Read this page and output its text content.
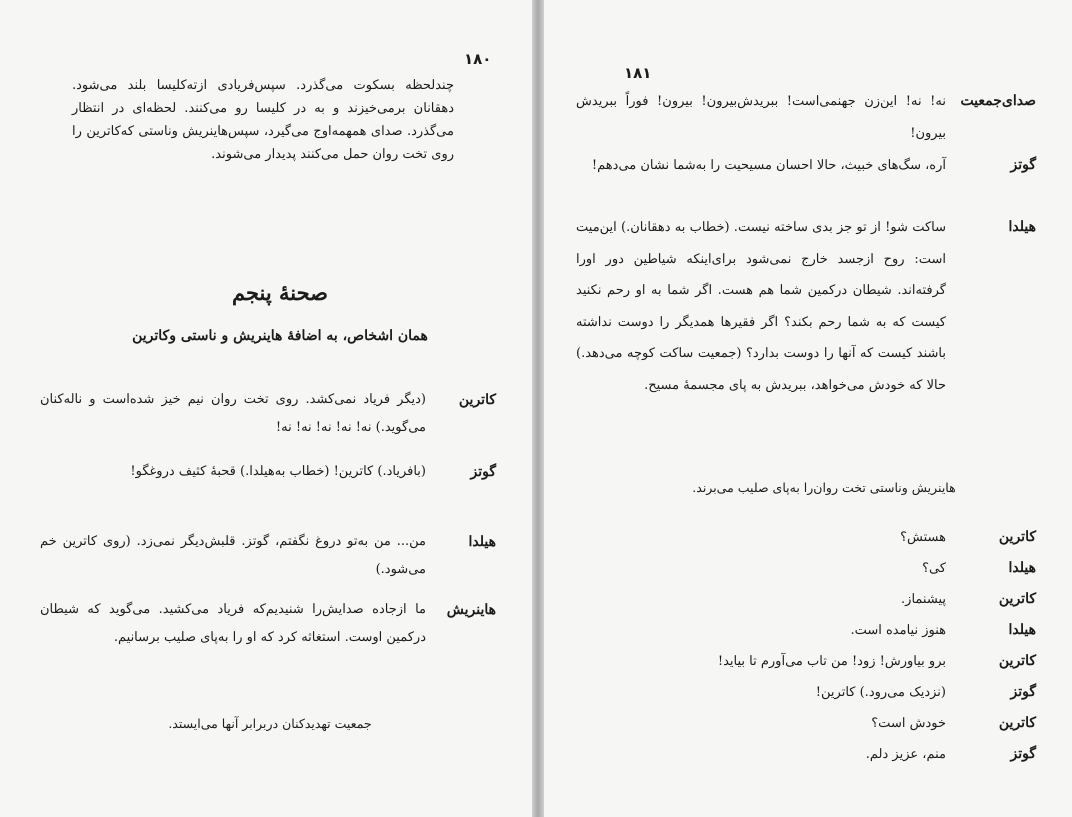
۱۸۰
چندلحظه بسکوت می‌گذرد. سپس‌فریادی ازته‌کلیسا بلند می‌شود. دهقانان برمی‌خیزند و به در کلیسا رو می‌کنند. لحظه‌ای در انتظار می‌گذرد. صدای همهمه‌اوج می‌گیرد، سپس‌هاینریش وناستی که‌کاترین را روی تخت روان حمل می‌کنند پدیدار می‌شوند.
صحنهٔ پنجم
همان اشخاص، به اضافهٔ هاینریش و ناستی وکاترین
کاترین
(دیگر فریاد نمی‌کشد. روی تخت روان نیم خیز شده‌است و ناله‌کنان می‌گوید.) نه! نه! نه! نه! نه!
گوتز
(بافریاد.) کاترین! (خطاب به‌هیلدا.) قحبهٔ کثیف دروغگو!
هیلدا
من... من به‌تو دروغ نگفتم، گوتز. قلبش‌دیگر نمی‌زد. (روی کاترین خم می‌شود.)
هاینریش
ما ازجاده صدایش‌را شنیدیم‌که فریاد می‌کشید. می‌گوید که شیطان درکمین اوست. استغاثه کرد که او را به‌پای صلیب برسانیم.
جمعیت تهدیدکنان دربرابر آنها می‌ایستد.
۱۸۱
صدای‌جمعیت
نه! نه! این‌زن جهنمی‌است! ببریدش‌بیرون! بیرون! فوراً ببریدش بیرون!
گوتز
آره، سگ‌های خبیث، حالا احسان مسیحیت را به‌شما نشان می‌دهم!
هیلدا
ساکت شو! از تو جز بدی ساخته نیست. (خطاب به دهقانان.) این‌میت است: روح ازجسد خارج نمی‌شود برای‌اینکه شیاطین دور اورا گرفته‌اند. شیطان درکمین شما هم هست. اگر شما به او رحم نکنید کیست که به شما رحم بکند؟ اگر فقیرها همدیگر را دوست نداشته باشند کیست که آنها را دوست بدارد؟ (جمعیت ساکت کوچه می‌دهد.) حالا که خودش می‌خواهد، ببریدش به پای مجسمهٔ مسیح.
هاینریش وناستی تخت روان‌را به‌پای صلیب می‌برند.
کاترین
هستش؟
هیلدا
کی؟
کاترین
پیشنماز.
هیلدا
هنوز نیامده است.
کاترین
برو بیاورش! زود! من تاب می‌آورم تا بیاید!
گوتز
(نزدیک می‌رود.) کاترین!
کاترین
خودش است؟
گوتز
منم، عزیز دلم.
